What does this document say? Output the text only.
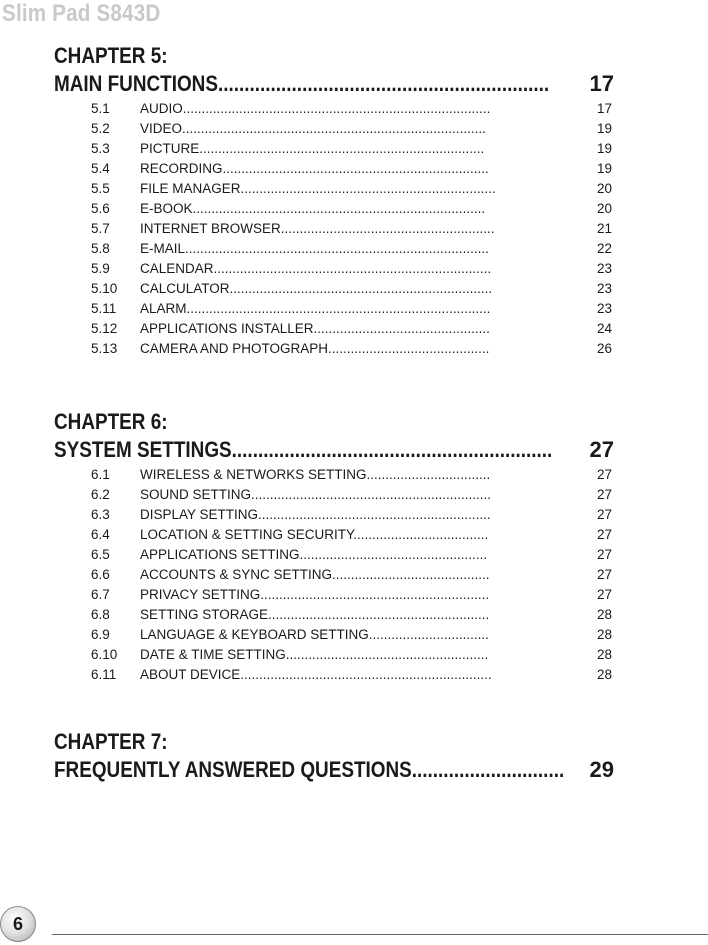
Slim Pad S843D
CHAPTER 5:
MAIN FUNCTIONS............................................................... 17
5.1 AUDIO..................................................................................	17
5.2 VIDEO.................................................................................	19
5.3 PICTURE............................................................................	19
5.4 RECORDING.......................................................................	19
5.5 FILE MANAGER....................................................................	20
5.6 E-BOOK..............................................................................	20
5.7 INTERNET BROWSER.........................................................	21
5.8 E-MAIL.................................................................................	22
5.9 CALENDAR..........................................................................	23
5.10 CALCULATOR......................................................................	23
5.11 ALARM.................................................................................	23
5.12 APPLICATIONS INSTALLER...............................................	24
5.13 CAMERA AND PHOTOGRAPH...........................................	26
CHAPTER 6:
SYSTEM SETTINGS............................................................. 27
6.1 WIRELESS & NETWORKS SETTING.................................	27
6.2 SOUND SETTING................................................................	27
6.3 DISPLAY SETTING..............................................................	27
6.4 LOCATION & SETTING SECURITY....................................	27
6.5 APPLICATIONS SETTING..................................................	27
6.6 ACCOUNTS & SYNC SETTING..........................................	27
6.7 PRIVACY SETTING.............................................................	27
6.8 SETTING STORAGE...........................................................	28
6.9 LANGUAGE & KEYBOARD SETTING................................	28
6.10 DATE & TIME SETTING......................................................	28
6.11 ABOUT DEVICE...................................................................	28
CHAPTER 7:
FREQUENTLY ANSWERED QUESTIONS............................. 29
6
